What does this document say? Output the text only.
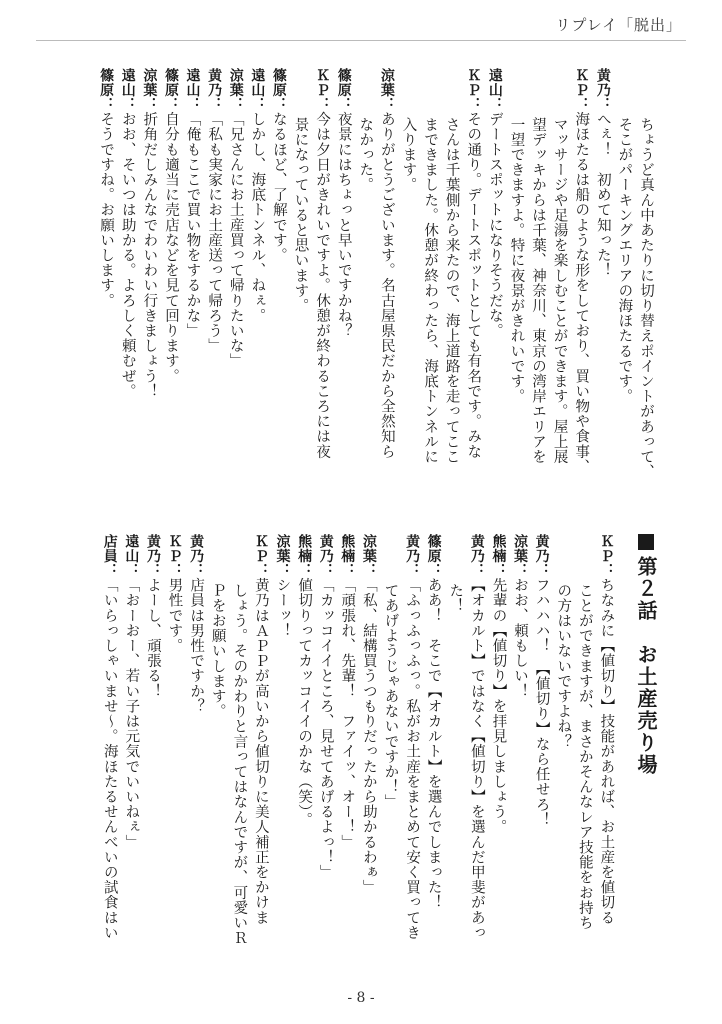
リプレイ「脱出」
ちょうど真ん中あたりに切り替えポイントがあって、
そこがパーキングエリアの海ほたるです。
黄乃：へぇ！　初めて知った！
ＫＰ：海ほたるは船のような形をしており、買い物や食事、
マッサージや足湯を楽しむことができます。屋上展
望デッキからは千葉、神奈川、東京の湾岸エリアを
一望できますよ。特に夜景がきれいです。
遠山：デートスポットになりそうだな。
ＫＰ：その通り。デートスポットとしても有名です。みな
さんは千葉側から来たので、海上道路を走ってここ
まできました。休憩が終わったら、海底トンネルに
入ります。
涼葉：ありがとうございます。名古屋県民だから全然知ら
なかった。
篠原：夜景にはちょっと早いですかね？
ＫＰ：今は夕日がきれいですよ。休憩が終わるころには夜
景になっていると思います。
篠原：なるほど、了解です。
遠山：しかし、海底トンネル、ねぇ。
涼葉：「兄さんにお土産買って帰りたいな」
黄乃：「私も実家にお土産送って帰ろう」
遠山：「俺もここで買い物をするかな」
篠原：自分も適当に売店などを見て回ります。
涼葉：折角だしみんなでわいわい行きましょう！
遠山：おお、そいつは助かる。よろしく頼むぜ。
篠原：そうですね。お願いします。
第２話　お土産売り場
ＫＰ：ちなみに【値切り】技能があれば、お土産を値切る
ことができますが、まさかそんなレア技能をお持ち
の方はいないですよね？
黄乃：フハハハ！　【値切り】なら任せろ！
涼葉：おお、頼もしい！
熊楠：先輩の【値切り】を拝見しましょう。
黄乃：【オカルト】ではなく【値切り】を選んだ甲斐があっ
た！
篠原：ああ！　そこで【オカルト】を選んでしまった！
黄乃：「ふっふっふっ。私がお土産をまとめて安く買ってき
てあげようじゃあないですか！」
涼葉：「私、結構買うつもりだったから助かるわぁ」
熊楠：「頑張れ、先輩！　ファイッ、オー！」
黄乃：「カッコイイところ、見せてあげるよっ！」
熊楠：値切りってカッコイイのかな（笑）。
涼葉：シーッ！
ＫＰ：黄乃はＡＰＰが高いから値切りに美人補正をかけま
しょう。そのかわりと言ってはなんですが、可愛いＲ
Ｐをお願いします。
黄乃：店員は男性ですか？
ＫＰ：男性です。
黄乃：よーし、頑張る！
遠山：「おーおー、若い子は元気でいいねぇ」
店員：「いらっしゃいませ～。海ほたるせんべいの試食はい
- 8 -
